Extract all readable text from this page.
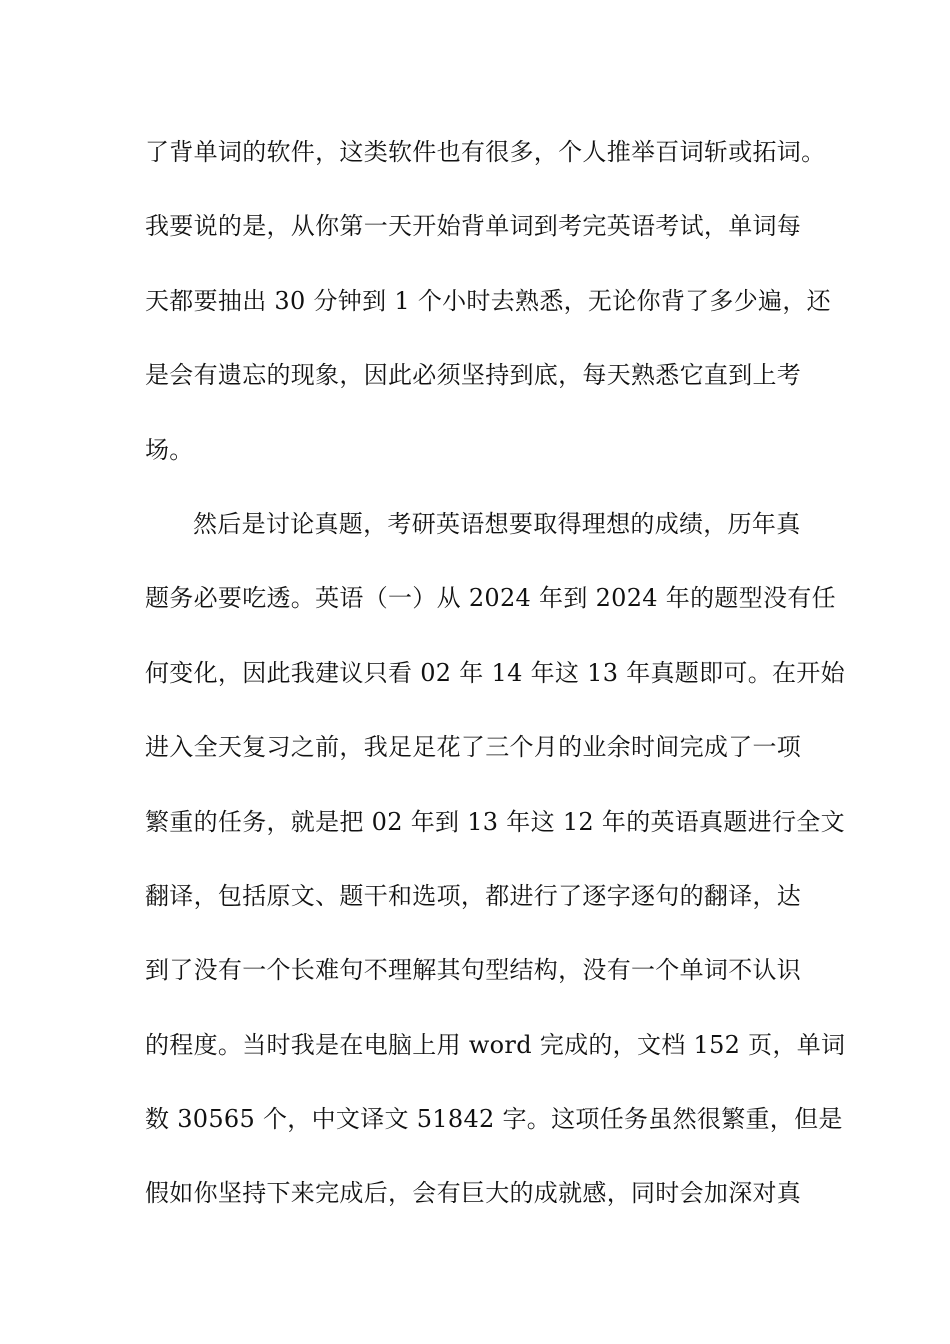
了背单词的软件，这类软件也有很多，个人推举百词斩或拓词。
我要说的是，从你第一天开始背单词到考完英语考试，单词每
天都要抽出 30 分钟到 1 个小时去熟悉，无论你背了多少遍，还
是会有遗忘的现象，因此必须坚持到底，每天熟悉它直到上考
场。
然后是讨论真题，考研英语想要取得理想的成绩，历年真
题务必要吃透。英语（一）从 2024 年到 2024 年的题型没有任
何变化，因此我建议只看 02 年 14 年这 13 年真题即可。在开始
进入全天复习之前，我足足花了三个月的业余时间完成了一项
繁重的任务，就是把 02 年到 13 年这 12 年的英语真题进行全文
翻译，包括原文、题干和选项，都进行了逐字逐句的翻译，达
到了没有一个长难句不理解其句型结构，没有一个单词不认识
的程度。当时我是在电脑上用 word 完成的，文档 152 页，单词
数 30565 个，中文译文 51842 字。这项任务虽然很繁重，但是
假如你坚持下来完成后，会有巨大的成就感，同时会加深对真
